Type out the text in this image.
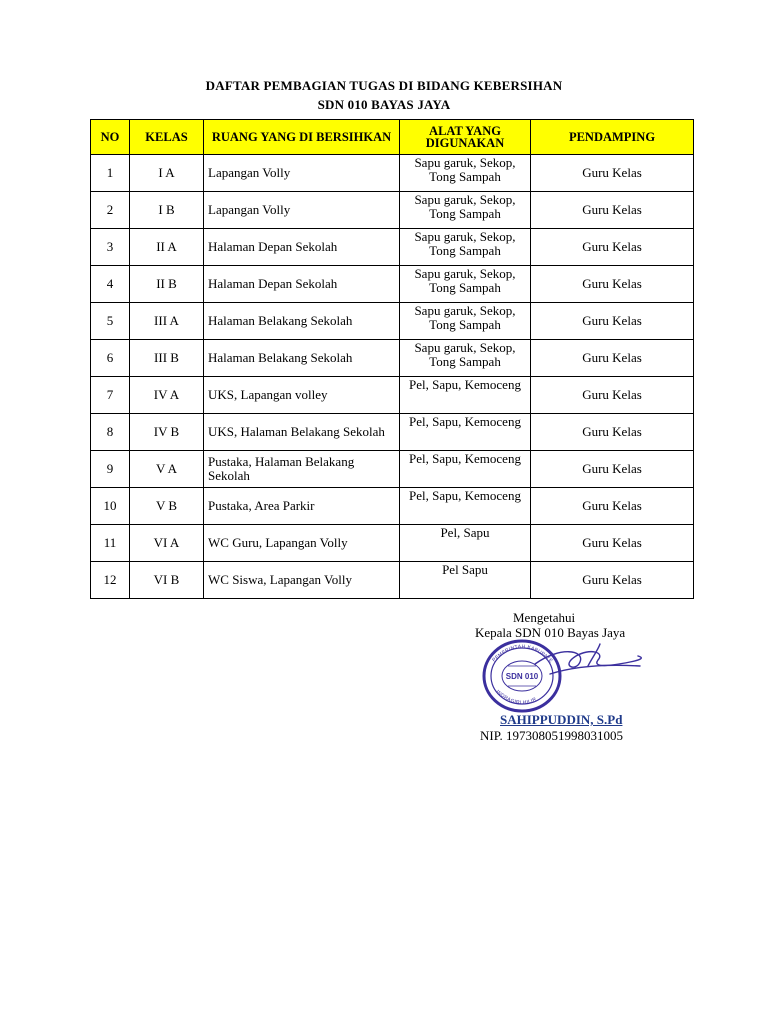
DAFTAR PEMBAGIAN TUGAS DI BIDANG KEBERSIHAN
SDN 010 BAYAS JAYA
NO	KELAS	RUANG YANG DI BERSIHKAN	ALAT YANG DIGUNAKAN	PENDAMPING
1	I A	Lapangan Volly	Sapu garuk, Sekop, Tong Sampah	Guru Kelas
2	I B	Lapangan Volly	Sapu garuk, Sekop, Tong Sampah	Guru Kelas
3	II A	Halaman Depan Sekolah	Sapu garuk, Sekop, Tong Sampah	Guru Kelas
4	II B	Halaman Depan Sekolah	Sapu garuk, Sekop, Tong Sampah	Guru Kelas
5	III A	Halaman Belakang Sekolah	Sapu garuk, Sekop, Tong Sampah	Guru Kelas
6	III B	Halaman Belakang Sekolah	Sapu garuk, Sekop, Tong Sampah	Guru Kelas
7	IV A	UKS, Lapangan volley	Pel, Sapu, Kemoceng	Guru Kelas
8	IV B	UKS, Halaman Belakang Sekolah	Pel, Sapu, Kemoceng	Guru Kelas
9	V A	Pustaka, Halaman Belakang Sekolah	Pel, Sapu, Kemoceng	Guru Kelas
10	V B	Pustaka, Area Parkir	Pel, Sapu, Kemoceng	Guru Kelas
11	VI A	WC Guru, Lapangan Volly	Pel, Sapu	Guru Kelas
12	VI B	WC Siswa, Lapangan Volly	Pel Sapu	Guru Kelas
Mengetahui
Kepala SDN 010 Bayas Jaya
SDN 010
PEMERINTAH KABUPATE
INDRAGIRI HILIR
SAHIPPUDDIN, S.Pd
NIP. 197308051998031005
